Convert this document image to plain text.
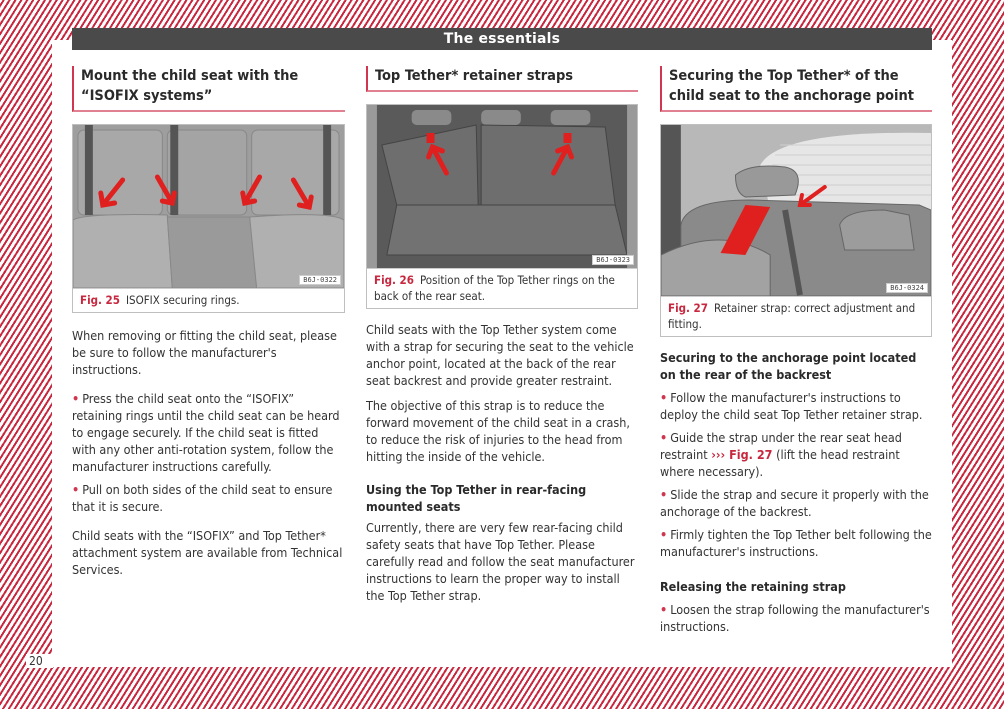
The essentials
20
Mount the child seat with the “ISOFIX systems”
B6J-0322
Fig. 25 ISOFIX securing rings.

When removing or fitting the child seat, please be sure to follow the manufacturer's instructions.

• Press the child seat onto the “ISOFIX” retaining rings until the child seat can be heard to engage securely. If the child seat is fitted with any other anti-rotation system, follow the manufacturer instructions carefully.

• Pull on both sides of the child seat to ensure that it is secure.

Child seats with the “ISOFIX” and Top Tether* attachment system are available from Technical Services.

Top Tether* retainer straps
B6J-0323
Fig. 26 Position of the Top Tether rings on the back of the rear seat.

Child seats with the Top Tether system come with a strap for securing the seat to the vehicle anchor point, located at the back of the rear seat backrest and provide greater restraint.

The objective of this strap is to reduce the forward movement of the child seat in a crash, to reduce the risk of injuries to the head from hitting the inside of the vehicle.

Using the Top Tether in rear-facing mounted seats

Currently, there are very few rear-facing child safety seats that have Top Tether. Please carefully read and follow the seat manufacturer instructions to learn the proper way to install the Top Tether strap.

Securing the Top Tether* of the child seat to the anchorage point
B6J-0324
Fig. 27 Retainer strap: correct adjustment and fitting.
Securing to the anchorage point located on the rear of the backrest

• Follow the manufacturer's instructions to deploy the child seat Top Tether retainer strap.

• Guide the strap under the rear seat head restraint ››› Fig. 27 (lift the head restraint where necessary).

• Slide the strap and secure it properly with the anchorage of the backrest.

• Firmly tighten the Top Tether belt following the manufacturer's instructions.

Releasing the retaining strap

• Loosen the strap following the manufacturer's instructions.
